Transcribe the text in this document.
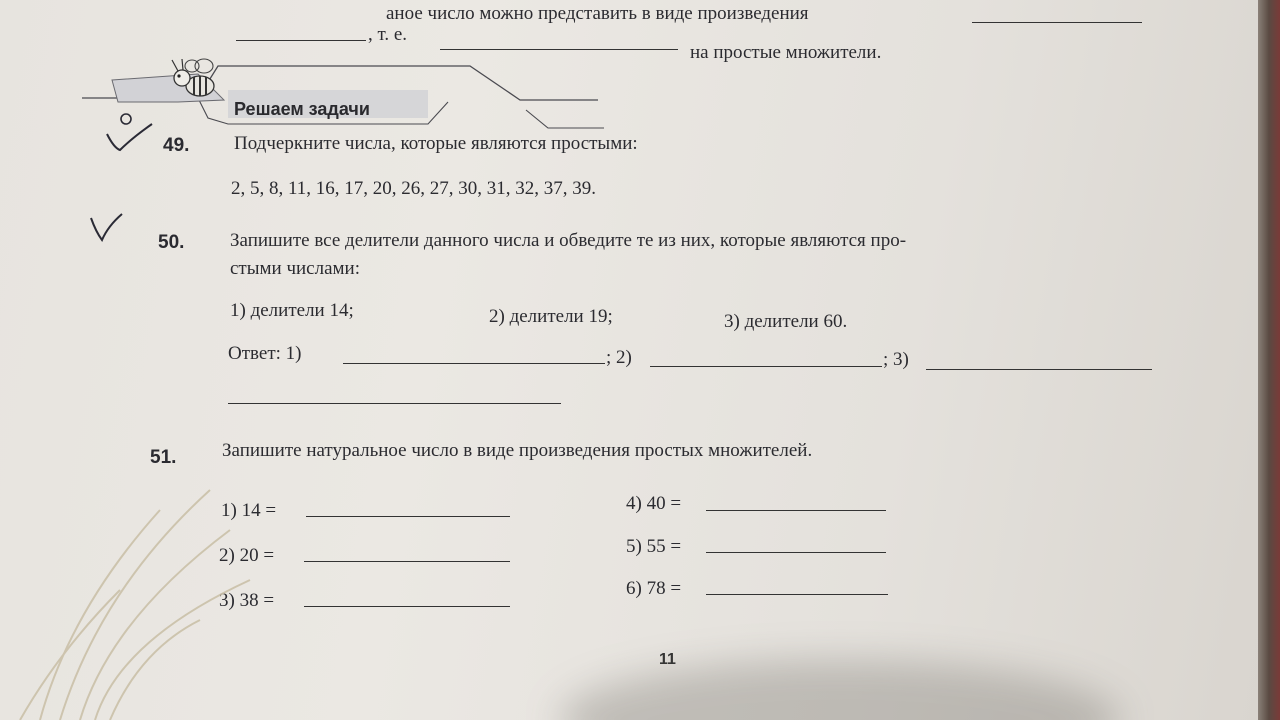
аное число можно представить в виде произведения
, т. е.
на простые множители.
Решаем задачи
49. Подчеркните числа, которые являются простыми:
2, 5, 8, 11, 16, 17, 20, 26, 27, 30, 31, 32, 37, 39.
50. Запишите все делители данного числа и обведите те из них, которые являются про-
стыми числами:
1) делители 14;	2) делители 19;	3) делители 60.
Ответ: 1)	; 2)	; 3)
51. Запишите натуральное число в виде произведения простых множителей.
1) 14 =
2) 20 =
3) 38 =
4) 40 =
5) 55 =
6) 78 =
11
